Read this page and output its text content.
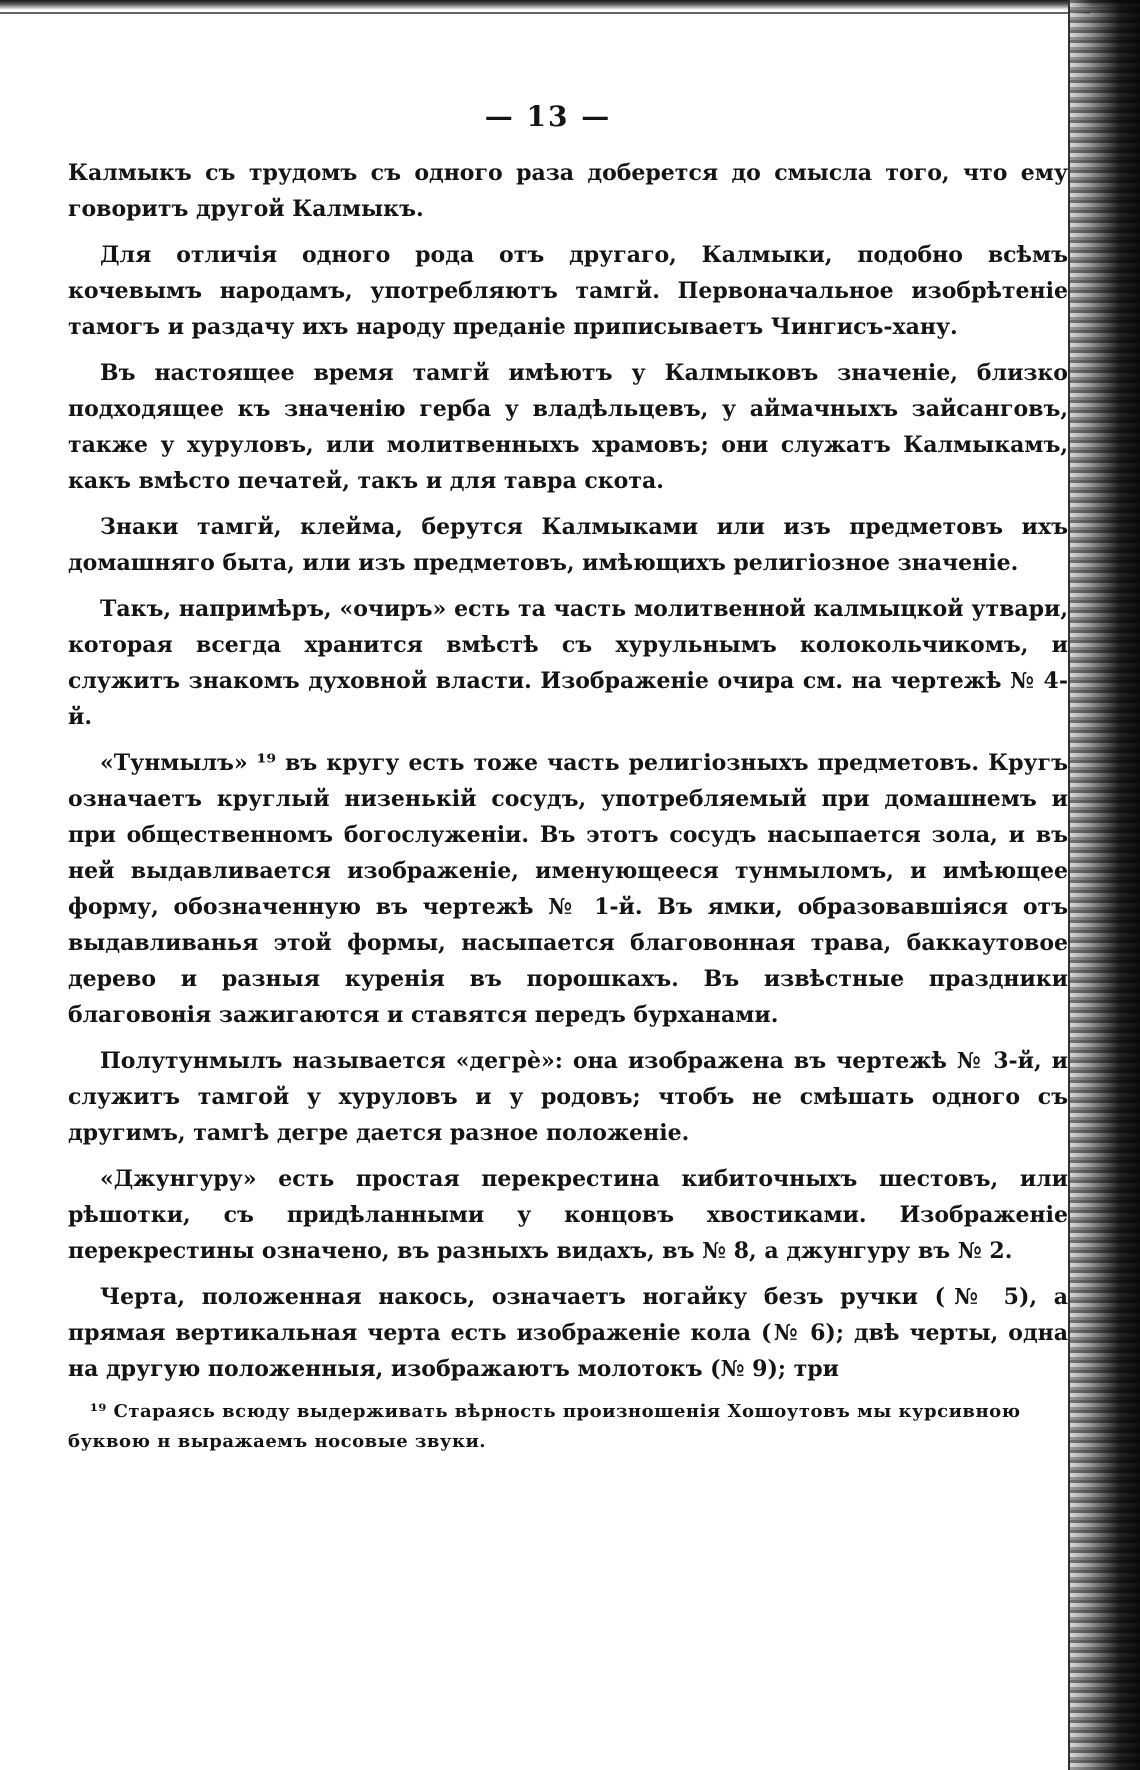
— 13 —

Калмыкъ съ трудомъ съ одного раза доберется до смысла того, что ему говоритъ другой Калмыкъ.

Для отличія одного рода отъ другаго, Калмыки, подобно всѣмъ кочевымъ народамъ, употребляютъ тамгй. Первоначальное изобрѣтеніе тамогъ и раздачу ихъ народу преданіе приписываетъ Чингисъ-хану.

Въ настоящее время тамгй имѣютъ у Калмыковъ значеніе, близко подходящее къ значенію герба у владѣльцевъ, у аймачныхъ зайсанговъ, также у хуруловъ, или молитвенныхъ храмовъ; они служатъ Калмыкамъ, какъ вмѣсто печатей, такъ и для тавра скота.

Знаки тамгй, клейма, берутся Калмыками или изъ предметовъ ихъ домашняго быта, или изъ предметовъ, имѣющихъ религіозное значеніе.

Такъ, напримѣръ, «очиръ» есть та часть молитвенной калмыцкой утвари, которая всегда хранится вмѣстѣ съ хурульнымъ колокольчикомъ, и служитъ знакомъ духовной власти. Изображеніе очира см. на чертежѣ № 4-й.

«Тунмылъ» ¹⁹ въ кругу есть тоже часть религіозныхъ предметовъ. Кругъ означаетъ круглый низенькій сосудъ, употребляемый при домашнемъ и при общественномъ богослуженіи. Въ этотъ сосудъ насыпается зола, и въ ней выдавливается изображеніе, именующееся тунмыломъ, и имѣющее форму, обозначенную въ чертежѣ № 1-й. Въ ямки, образовавшіяся отъ выдавливанья этой формы, насыпается благовонная трава, баккаутовое дерево и разныя куренія въ порошкахъ. Въ извѣстные праздники благовонія зажигаются и ставятся передъ бурханами.

Полутунмылъ называется «дегрѐ»: она изображена въ чертежѣ № 3-й, и служитъ тамгой у хуруловъ и у родовъ; чтобъ не смѣшать одного съ другимъ, тамгѣ дегре дается разное положеніе.

«Джунгуру» есть простая перекрестина кибиточныхъ шестовъ, или рѣшотки, съ придѣланными у концовъ хвостиками. Изображеніе перекрестины означено, въ разныхъ видахъ, въ № 8, а джунгуру въ № 2.

Черта, положенная накось, означаетъ ногайку безъ ручки (№ 5), а прямая вертикальная черта есть изображеніе кола (№ 6); двѣ черты, одна на другую положенныя, изображаютъ молотокъ (№ 9); три

¹⁹ Стараясь всюду выдерживать вѣрность произношенія Хошоутовъ мы курсивною буквою н выражаемъ носовые звуки.
